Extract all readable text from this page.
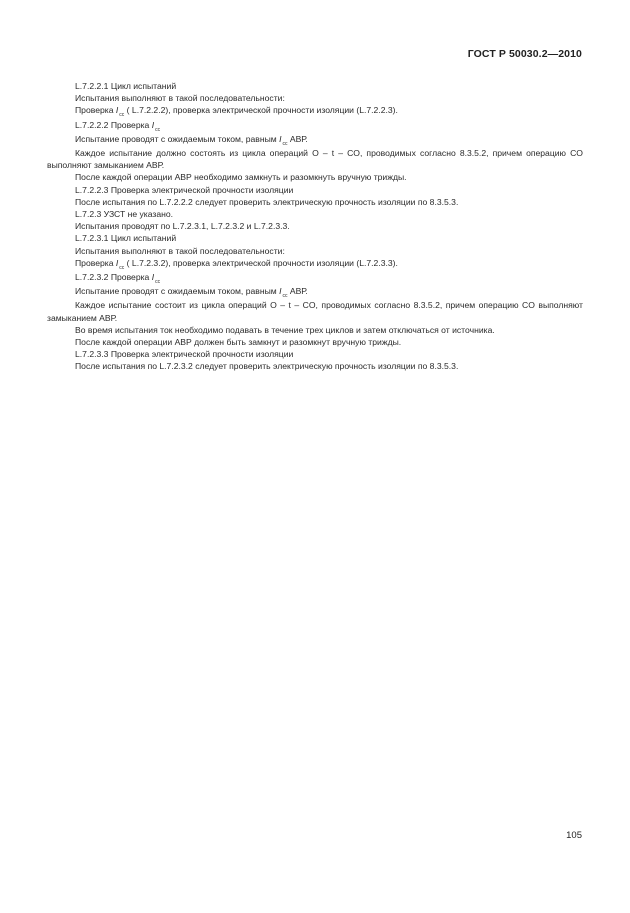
ГОСТ Р 50030.2—2010

L.7.2.2.1 Цикл испытаний

Испытания выполняют в такой последовательности:

Проверка $I_{cc}$ ( L.7.2.2.2), проверка электрической прочности изоляции (L.7.2.2.3).

L.7.2.2.2 Проверка $I_{cc}$

Испытание проводят с ожидаемым током, равным $I_{cc}$ АВР.

Каждое испытание должно состоять из цикла операций O – t – CO, проводимых согласно 8.3.5.2, причем операцию CO выполняют замыканием АВР.

После каждой операции АВР необходимо замкнуть и разомкнуть вручную трижды.

L.7.2.2.3 Проверка электрической прочности изоляции

После испытания по L.7.2.2.2 следует проверить электрическую прочность изоляции по 8.3.5.3.

L.7.2.3 УЗСТ не указано.

Испытания проводят по L.7.2.3.1, L.7.2.3.2 и L.7.2.3.3.

L.7.2.3.1 Цикл испытаний

Испытания выполняют в такой последовательности:

Проверка $I_{cc}$ ( L.7.2.3.2), проверка электрической прочности изоляции (L.7.2.3.3).

L.7.2.3.2 Проверка $I_{cc}$

Испытание проводят с ожидаемым током, равным $I_{cc}$ АВР.

Каждое испытание состоит из цикла операций O – t – CO, проводимых согласно 8.3.5.2, причем операцию CO выполняют замыканием АВР.

Во время испытания ток необходимо подавать в течение трех циклов и затем отключаться от источника.

После каждой операции АВР должен быть замкнут и разомкнут вручную трижды.

L.7.2.3.3 Проверка электрической прочности изоляции

После испытания по L.7.2.3.2 следует проверить электрическую прочность изоляции по 8.3.5.3.

105
